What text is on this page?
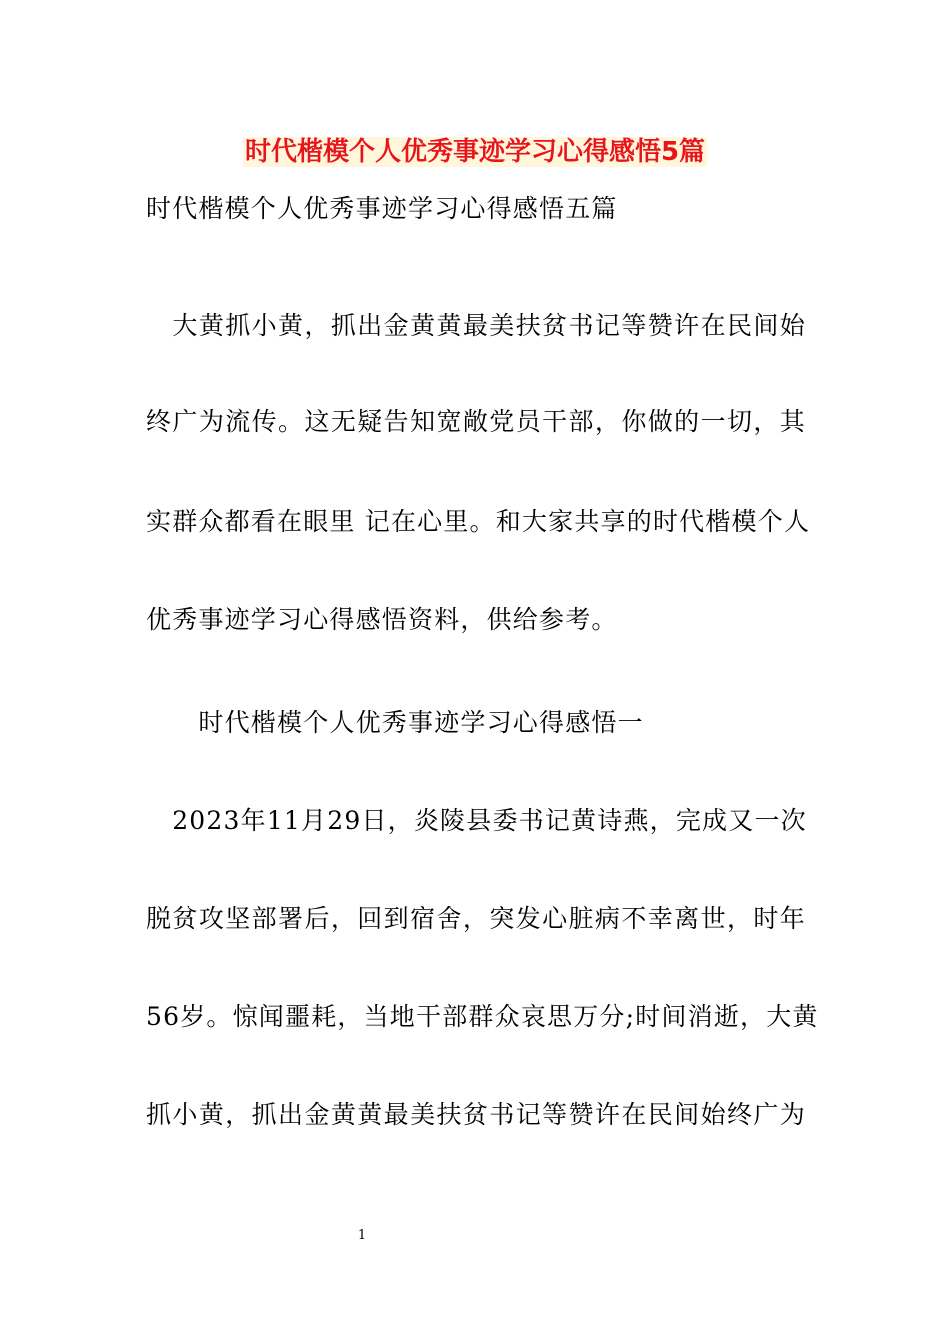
时代楷模个人优秀事迹学习心得感悟5篇
时代楷模个人优秀事迹学习心得感悟五篇
　大黄抓小黄，抓出金黄黄最美扶贫书记等赞许在民间始
终广为流传。这无疑告知宽敞党员干部，你做的一切，其
实群众都看在眼里 记在心里。和大家共享的时代楷模个人
优秀事迹学习心得感悟资料，供给参考。
　　时代楷模个人优秀事迹学习心得感悟一
　2023年11月29日，炎陵县委书记黄诗燕，完成又一次
脱贫攻坚部署后，回到宿舍，突发心脏病不幸离世，时年
56岁。惊闻噩耗，当地干部群众哀思万分;时间消逝，大黄
抓小黄，抓出金黄黄最美扶贫书记等赞许在民间始终广为
1
